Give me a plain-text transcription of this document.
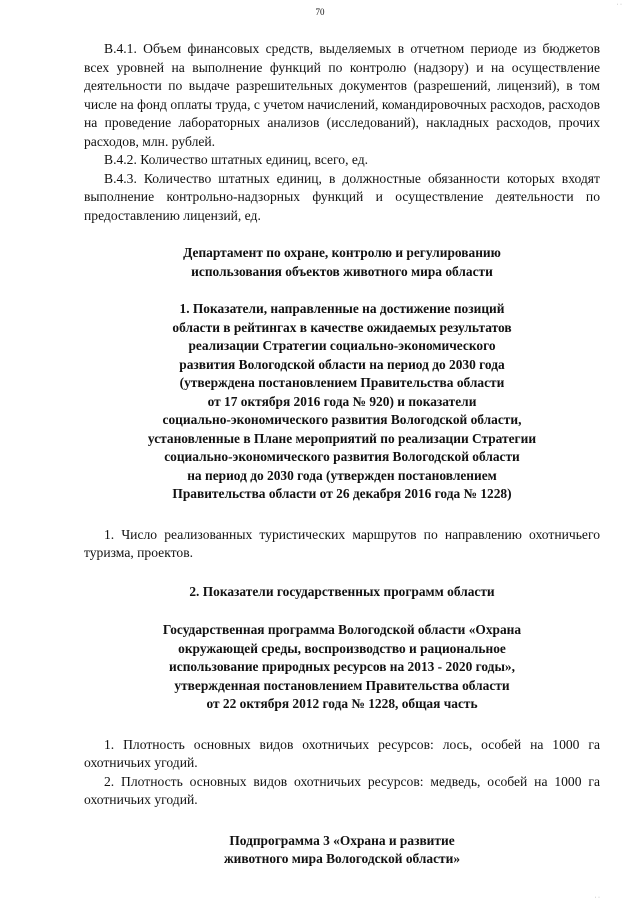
70

В.4.1. Объем финансовых средств, выделяемых в отчетном периоде из бюджетов всех уровней на выполнение функций по контролю (надзору) и на осуществление деятельности по выдаче разрешительных документов (разрешений, лицензий), в том числе на фонд оплаты труда, с учетом начислений, командировочных расходов, расходов на проведение лабораторных анализов (исследований), накладных расходов, прочих расходов, млн. рублей.

В.4.2. Количество штатных единиц, всего, ед.

В.4.3. Количество штатных единиц, в должностные обязанности которых входят выполнение контрольно-надзорных функций и осуществление деятельности по предоставлению лицензий, ед.

Департамент по охране, контролю и регулированию

использования объектов животного мира области

1. Показатели, направленные на достижение позиций

области в рейтингах в качестве ожидаемых результатов

реализации Стратегии социально-экономического

развития Вологодской области на период до 2030 года

(утверждена постановлением Правительства области

от 17 октября 2016 года № 920) и показатели

социально-экономического развития Вологодской области,

установленные в Плане мероприятий по реализации Стратегии

социально-экономического развития Вологодской области

на период до 2030 года (утвержден постановлением

Правительства области от 26 декабря 2016 года № 1228)

1. Число реализованных туристических маршрутов по направлению охотничьего туризма, проектов.

2. Показатели государственных программ области

Государственная программа Вологодской области «Охрана

окружающей среды, воспроизводство и рациональное

использование природных ресурсов на 2013 - 2020 годы»,

утвержденная постановлением Правительства области

от 22 октября 2012 года № 1228, общая часть

1. Плотность основных видов охотничьих ресурсов: лось, особей на 1000 га охотничьих угодий.

2. Плотность основных видов охотничьих ресурсов: медведь, особей на 1000 га охотничьих угодий.

Подпрограмма 3 «Охрана и развитие

животного мира Вологодской области»

· ·
· ·
